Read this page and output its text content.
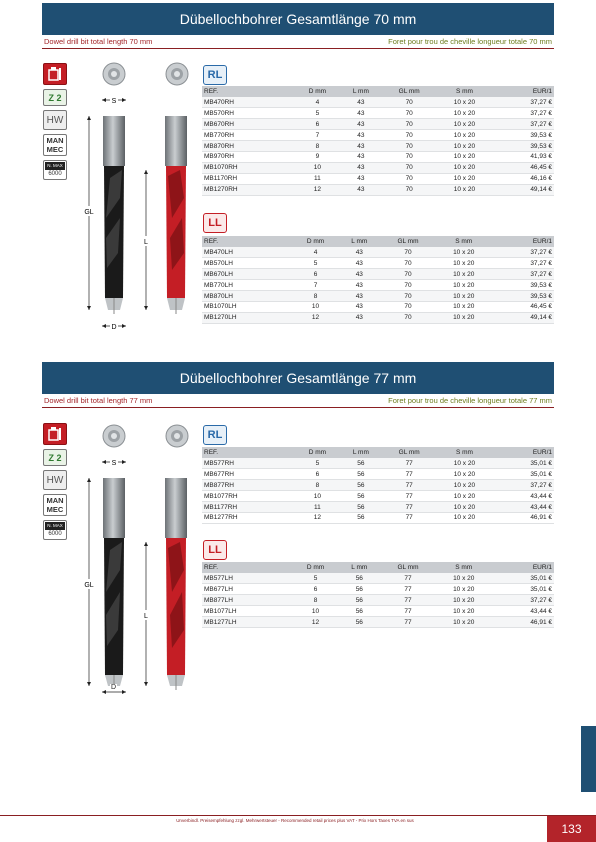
Dübellochbohrer Gesamtlänge 70 mm
Dowel drill bit total length 70 mm	Foret pour trou de cheville longueur totale 70 mm
Z 2
HW
MAN
MEC
N. MAX
6000
S
GL
L
D
RL
REF.	D mm	L mm	GL mm	S mm	EUR/1
MB470RH	4	43	70	10 x 20	37,27 €
MB570RH	5	43	70	10 x 20	37,27 €
MB670RH	6	43	70	10 x 20	37,27 €
MB770RH	7	43	70	10 x 20	39,53 €
MB870RH	8	43	70	10 x 20	39,53 €
MB970RH	9	43	70	10 x 20	41,93 €
MB1070RH	10	43	70	10 x 20	46,45 €
MB1170RH	11	43	70	10 x 20	46,16 €
MB1270RH	12	43	70	10 x 20	49,14 €
LL
REF.	D mm	L mm	GL mm	S mm	EUR/1
MB470LH	4	43	70	10 x 20	37,27 €
MB570LH	5	43	70	10 x 20	37,27 €
MB670LH	6	43	70	10 x 20	37,27 €
MB770LH	7	43	70	10 x 20	39,53 €
MB870LH	8	43	70	10 x 20	39,53 €
MB1070LH	10	43	70	10 x 20	46,45 €
MB1270LH	12	43	70	10 x 20	49,14 €
Dübellochbohrer Gesamtlänge 77 mm
Dowel drill bit total length 77 mm	Foret pour trou de cheville longueur totale 77 mm
Z 2
HW
MAN
MEC
N. MAX
6000
S
GL
L
D
RL
REF.	D mm	L mm	GL mm	S mm	EUR/1
MB577RH	5	56	77	10 x 20	35,01 €
MB677RH	6	56	77	10 x 20	35,01 €
MB877RH	8	56	77	10 x 20	37,27 €
MB1077RH	10	56	77	10 x 20	43,44 €
MB1177RH	11	56	77	10 x 20	43,44 €
MB1277RH	12	56	77	10 x 20	46,91 €
LL
REF.	D mm	L mm	GL mm	S mm	EUR/1
MB577LH	5	56	77	10 x 20	35,01 €
MB677LH	6	56	77	10 x 20	35,01 €
MB877LH	8	56	77	10 x 20	37,27 €
MB1077LH	10	56	77	10 x 20	43,44 €
MB1277LH	12	56	77	10 x 20	46,91 €
Unverbindl. Preisempfehlung zzgl. Mehrwertsteuer - Recommended retail prices plus VAT - Prix Hors Taxes TVA en sus
133
